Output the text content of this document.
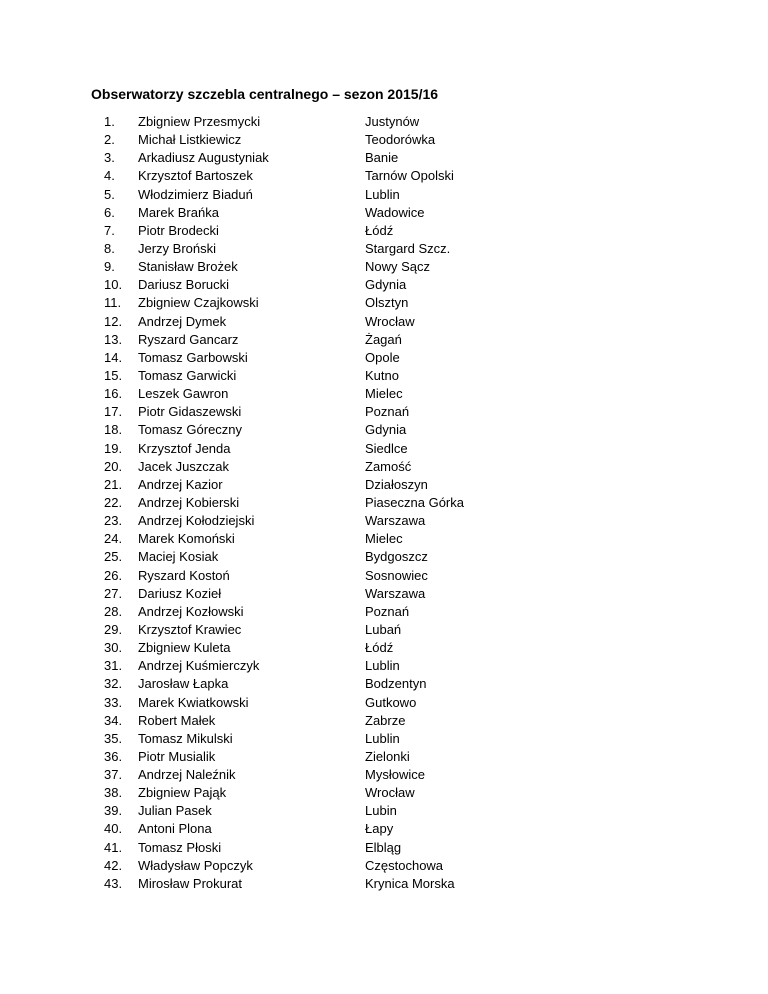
Obserwatorzy szczebla centralnego – sezon 2015/16
1.	Zbigniew Przesmycki	Justynów
2.	Michał Listkiewicz	Teodorówka
3.	Arkadiusz Augustyniak	Banie
4.	Krzysztof Bartoszek	Tarnów Opolski
5.	Włodzimierz Biaduń	Lublin
6.	Marek Brańka	Wadowice
7.	Piotr Brodecki	Łódź
8.	Jerzy Broński	Stargard Szcz.
9.	Stanisław Brożek	Nowy Sącz
10.	Dariusz Borucki	Gdynia
11.	Zbigniew Czajkowski	Olsztyn
12.	Andrzej Dymek	Wrocław
13.	Ryszard Gancarz	Żagań
14.	Tomasz Garbowski	Opole
15.	Tomasz Garwicki	Kutno
16.	Leszek Gawron	Mielec
17.	Piotr Gidaszewski	Poznań
18.	Tomasz Góreczny	Gdynia
19.	Krzysztof Jenda	Siedlce
20.	Jacek Juszczak	Zamość
21.	Andrzej Kazior	Działoszyn
22.	Andrzej Kobierski	Piaseczna Górka
23.	Andrzej Kołodziejski	Warszawa
24.	Marek Komoński	Mielec
25.	Maciej Kosiak	Bydgoszcz
26.	Ryszard Kostoń	Sosnowiec
27.	Dariusz Kozieł	Warszawa
28.	Andrzej Kozłowski	Poznań
29.	Krzysztof Krawiec	Lubań
30.	Zbigniew Kuleta	Łódź
31.	Andrzej Kuśmierczyk	Lublin
32.	Jarosław Łapka	Bodzentyn
33.	Marek Kwiatkowski	Gutkowo
34.	Robert Małek	Zabrze
35.	Tomasz Mikulski	Lublin
36.	Piotr Musialik	Zielonki
37.	Andrzej Naleźnik	Mysłowice
38.	Zbigniew Pająk	Wrocław
39.	Julian Pasek	Lubin
40.	Antoni Plona	Łapy
41.	Tomasz Płoski	Elbląg
42.	Władysław Popczyk	Częstochowa
43.	Mirosław Prokurat	Krynica Morska
